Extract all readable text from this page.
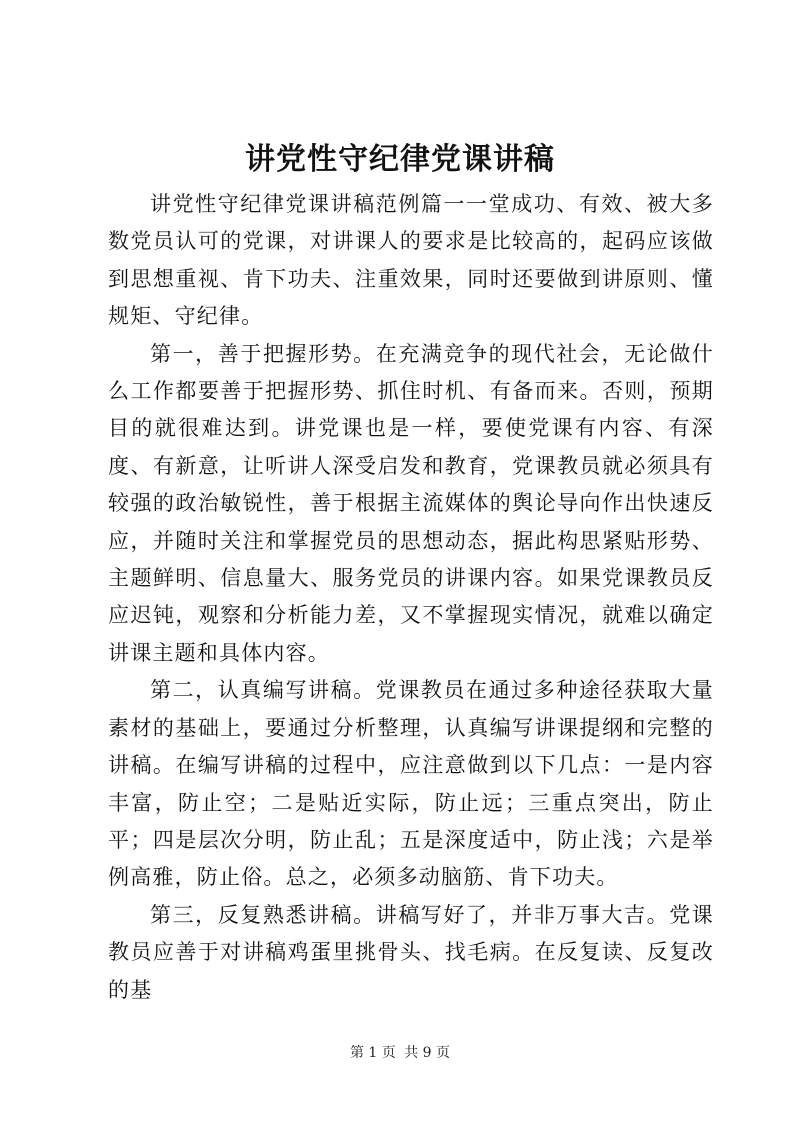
讲党性守纪律党课讲稿

讲党性守纪律党课讲稿范例篇一一堂成功、有效、被大多数党员认可的党课，对讲课人的要求是比较高的，起码应该做到思想重视、肯下功夫、注重效果，同时还要做到讲原则、懂规矩、守纪律。

第一，善于把握形势。在充满竞争的现代社会，无论做什么工作都要善于把握形势、抓住时机、有备而来。否则，预期目的就很难达到。讲党课也是一样，要使党课有内容、有深度、有新意，让听讲人深受启发和教育，党课教员就必须具有较强的政治敏锐性，善于根据主流媒体的舆论导向作出快速反应，并随时关注和掌握党员的思想动态，据此构思紧贴形势、主题鲜明、信息量大、服务党员的讲课内容。如果党课教员反应迟钝，观察和分析能力差，又不掌握现实情况，就难以确定讲课主题和具体内容。

第二，认真编写讲稿。党课教员在通过多种途径获取大量素材的基础上，要通过分析整理，认真编写讲课提纲和完整的讲稿。在编写讲稿的过程中，应注意做到以下几点：一是内容丰富，防止空；二是贴近实际，防止远；三重点突出，防止平；四是层次分明，防止乱；五是深度适中，防止浅；六是举例高雅，防止俗。总之，必须多动脑筋、肯下功夫。

第三，反复熟悉讲稿。讲稿写好了，并非万事大吉。党课教员应善于对讲稿鸡蛋里挑骨头、找毛病。在反复读、反复改的基

第 1 页 共 9 页
